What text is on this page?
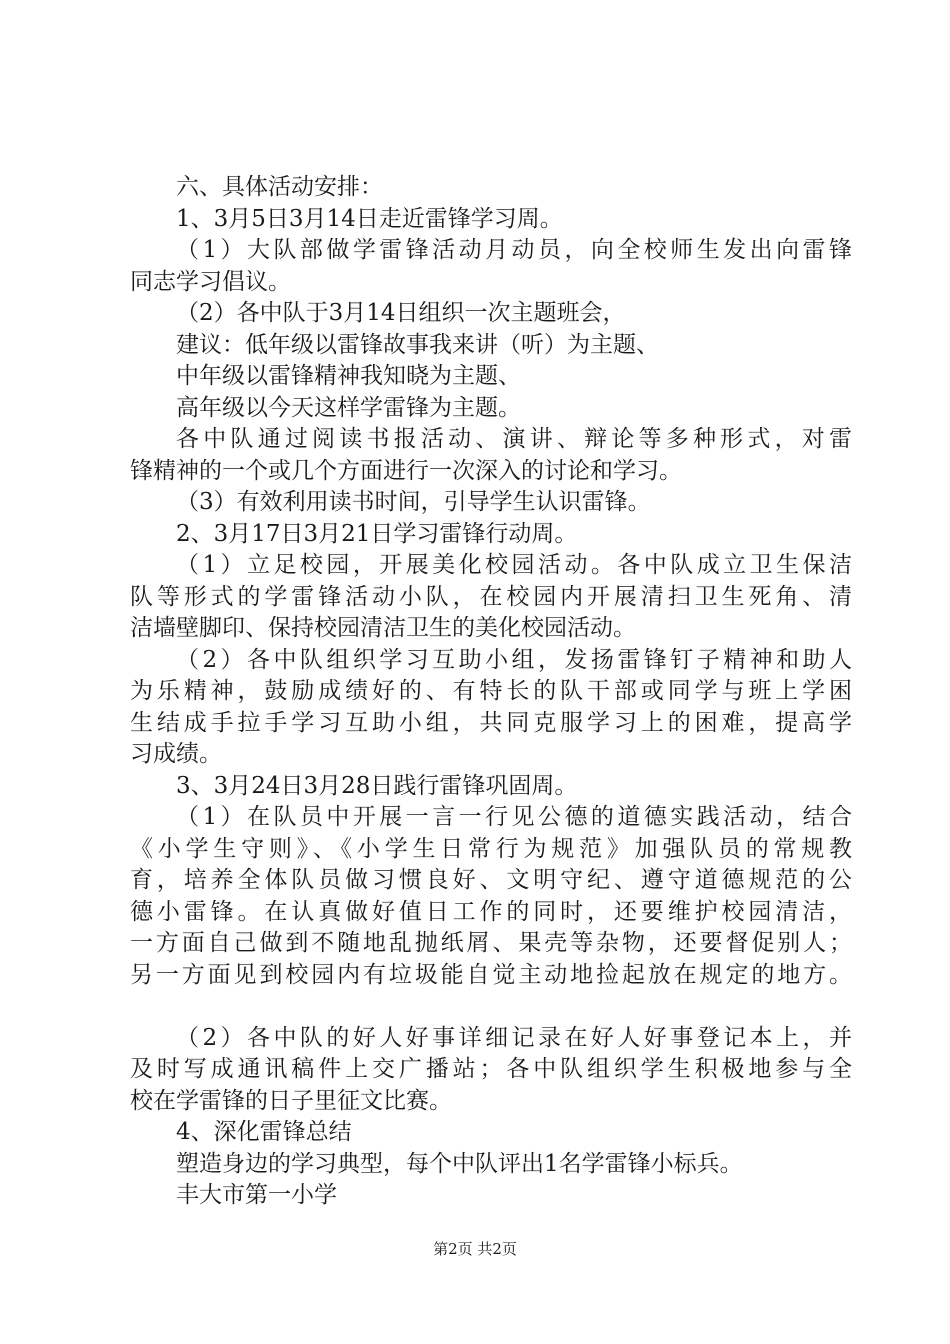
六、具体活动安排：
1、3月5日3月14日走近雷锋学习周。
（1）大队部做学雷锋活动月动员，向全校师生发出向雷锋
同志学习倡议。
（2）各中队于3月14日组织一次主题班会，
建议：低年级以雷锋故事我来讲（听）为主题、
中年级以雷锋精神我知晓为主题、
高年级以今天这样学雷锋为主题。
各中队通过阅读书报活动、演讲、辩论等多种形式，对雷
锋精神的一个或几个方面进行一次深入的讨论和学习。
（3）有效利用读书时间，引导学生认识雷锋。
2、3月17日3月21日学习雷锋行动周。
（1）立足校园，开展美化校园活动。各中队成立卫生保洁
队等形式的学雷锋活动小队，在校园内开展清扫卫生死角、清
洁墙壁脚印、保持校园清洁卫生的美化校园活动。
（2）各中队组织学习互助小组，发扬雷锋钉子精神和助人
为乐精神，鼓励成绩好的、有特长的队干部或同学与班上学困
生结成手拉手学习互助小组，共同克服学习上的困难，提高学
习成绩。
3、3月24日3月28日践行雷锋巩固周。
（1）在队员中开展一言一行见公德的道德实践活动，结合
《小学生守则》、《小学生日常行为规范》加强队员的常规教
育，培养全体队员做习惯良好、文明守纪、遵守道德规范的公
德小雷锋。在认真做好值日工作的同时，还要维护校园清洁，
一方面自己做到不随地乱抛纸屑、果壳等杂物，还要督促别人；
另一方面见到校园内有垃圾能自觉主动地捡起放在规定的地方。
（2）各中队的好人好事详细记录在好人好事登记本上，并
及时写成通讯稿件上交广播站；各中队组织学生积极地参与全
校在学雷锋的日子里征文比赛。
4、深化雷锋总结
塑造身边的学习典型，每个中队评出1名学雷锋小标兵。
丰大市第一小学
第2页 共2页
